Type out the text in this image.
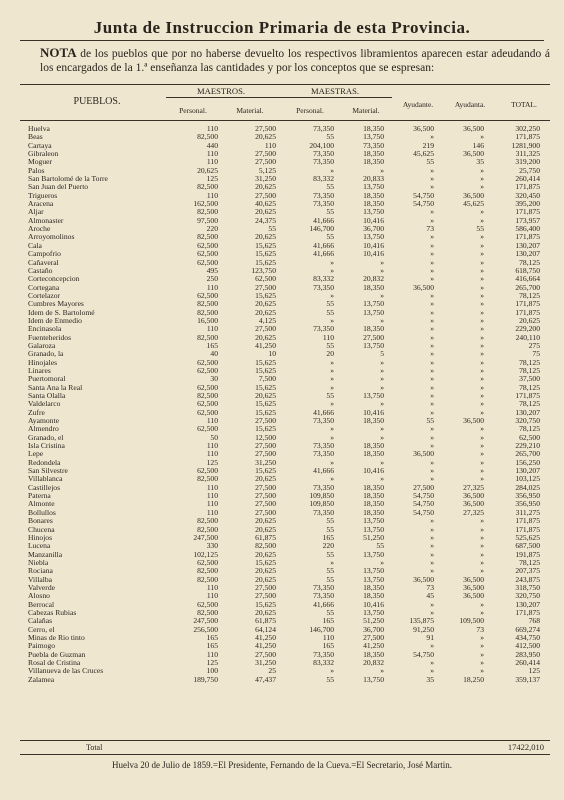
Junta de Instruccion Primaria de esta Provincia.
NOTA de los pueblos que por no haberse devuelto los respectivos libramientos aparecen estar adeudando á los encargados de la 1.ª enseñanza las cantidades y por los conceptos que se espresan:
PUEBLOS.
MAESTROS.	MAESTRAS.
Personal.	Material.	Personal.	Material.
Ayudante.	Ayudanta.	TOTAL.
Huelva	110	27,500	73,350	18,350	36,500	36,500	302,250
Beas	82,500	20,625	55	13,750	»	»	171,875
Cartaya	440	110	204,100	73,350	219	146	1281,900
Gibraleon	110	27,500	73,350	18,350	45,625	36,500	311,325
Moguer	110	27,500	73,350	18,350	55	35	319,200
Palos	20,625	5,125	»	»	»	»	25,750
San Bartolomé de la Torre	125	31,250	83,332	20,833	»	»	260,414
San Juan del Puerto	82,500	20,625	55	13,750	»	»	171,875
Trigueros	110	27,500	73,350	18,350	54,750	36,500	320,450
Aracena	162,500	40,625	73,350	18,350	54,750	45,625	395,200
Aljar	82,500	20,625	55	13,750	»	»	171,875
Almonaster	97,500	24,375	41,666	10,416	»	»	173,957
Aroche	220	55	146,700	36,700	73	55	586,400
Arroyomolinos	82,500	20,625	55	13,750	»	»	171,875
Cala	62,500	15,625	41,666	10,416	»	»	130,207
Campofrio	62,500	15,625	41,666	10,416	»	»	130,207
Cañaveral	62,500	15,625	»	»	»	»	78,125
Castaño	495	123,750	»	»	»	»	618,750
Corteconcepcion	250	62,500	83,332	20,832	»	»	416,664
Cortegana	110	27,500	73,350	18,350	36,500	»	265,700
Cortelazor	62,500	15,625	»	»	»	»	78,125
Cumbres Mayores	82,500	20,625	55	13,750	»	»	171,875
Idem de S. Bartolomé	82,500	20,625	55	13,750	»	»	171,875
Idem de Enmedio	16,500	4,125	»	»	»	»	20,625
Encinasola	110	27,500	73,350	18,350	»	»	229,200
Fuenteheridos	82,500	20,625	110	27,500	»	»	240,110
Galaroza	165	41,250	55	13,750	»	»	275
Granado, la	40	10	20	5	»	»	75
Hinojales	62,500	15,625	»	»	»	»	78,125
Linares	62,500	15,625	»	»	»	»	78,125
Puertomoral	30	7,500	»	»	»	»	37,500
Santa Ana la Real	62,500	15,625	»	»	»	»	78,125
Santa Olalla	82,500	20,625	55	13,750	»	»	171,875
Valdelarco	62,500	15,625	»	»	»	»	78,125
Zufre	62,500	15,625	41,666	10,416	»	»	130,207
Ayamonte	110	27,500	73,350	18,350	55	36,500	320,750
Almendro	62,500	15,625	»	»	»	»	78,125
Granado, el	50	12,500	»	»	»	»	62,500
Isla Cristina	110	27,500	73,350	18,350	»	»	229,210
Lepe	110	27,500	73,350	18,350	36,500	»	265,700
Redondela	125	31,250	»	»	»	»	156,250
San Silvestre	62,500	15,625	41,666	10,416	»	»	130,207
Villablanca	82,500	20,625	»	»	»	»	103,125
Castillejos	110	27,500	73,350	18,350	27,500	27,325	284,025
Paterna	110	27,500	109,850	18,350	54,750	36,500	356,950
Almonte	110	27,500	109,850	18,350	54,750	36,500	356,950
Bollullos	110	27,500	73,350	18,350	54,750	27,325	311,275
Bonares	82,500	20,625	55	13,750	»	»	171,875
Chucena	82,500	20,625	55	13,750	»	»	171,875
Hinojos	247,500	61,875	165	51,250	»	»	525,625
Lucena	330	82,500	220	55	»	»	687,500
Manzanilla	102,125	20,625	55	13,750	»	»	191,875
Niebla	62,500	15,625	»	»	»	»	78,125
Rociana	82,500	20,625	55	13,750	»	»	207,375
Villalba	82,500	20,625	55	13,750	36,500	36,500	243,875
Valverde	110	27,500	73,350	18,350	73	36,500	318,750
Alosno	110	27,500	73,350	18,350	45	36,500	320,750
Berrocal	62,500	15,625	41,666	10,416	»	»	130,207
Cabezas Rubias	82,500	20,625	55	13,750	»	»	171,875
Calañas	247,500	61,875	165	51,250	135,875	109,500	768
Cerro, el	256,500	64,124	146,700	36,700	91,250	73	669,274
Minas de Rio tinto	165	41,250	110	27,500	91	»	434,750
Paimogo	165	41,250	165	41,250	»	»	412,500
Puebla de Guzman	110	27,500	73,350	18,350	54,750	»	283,950
Rosal de Cristina	125	31,250	83,332	20,832	»	»	260,414
Villanueva de las Cruces	100	25	»	»	»	»	125
Zalamea	189,750	47,437	55	13,750	35	18,250	359,137
Total	17422,010
Huelva 20 de Julio de 1859.=El Presidente, Fernando de la Cueva.=El Secretario, José Martin.
